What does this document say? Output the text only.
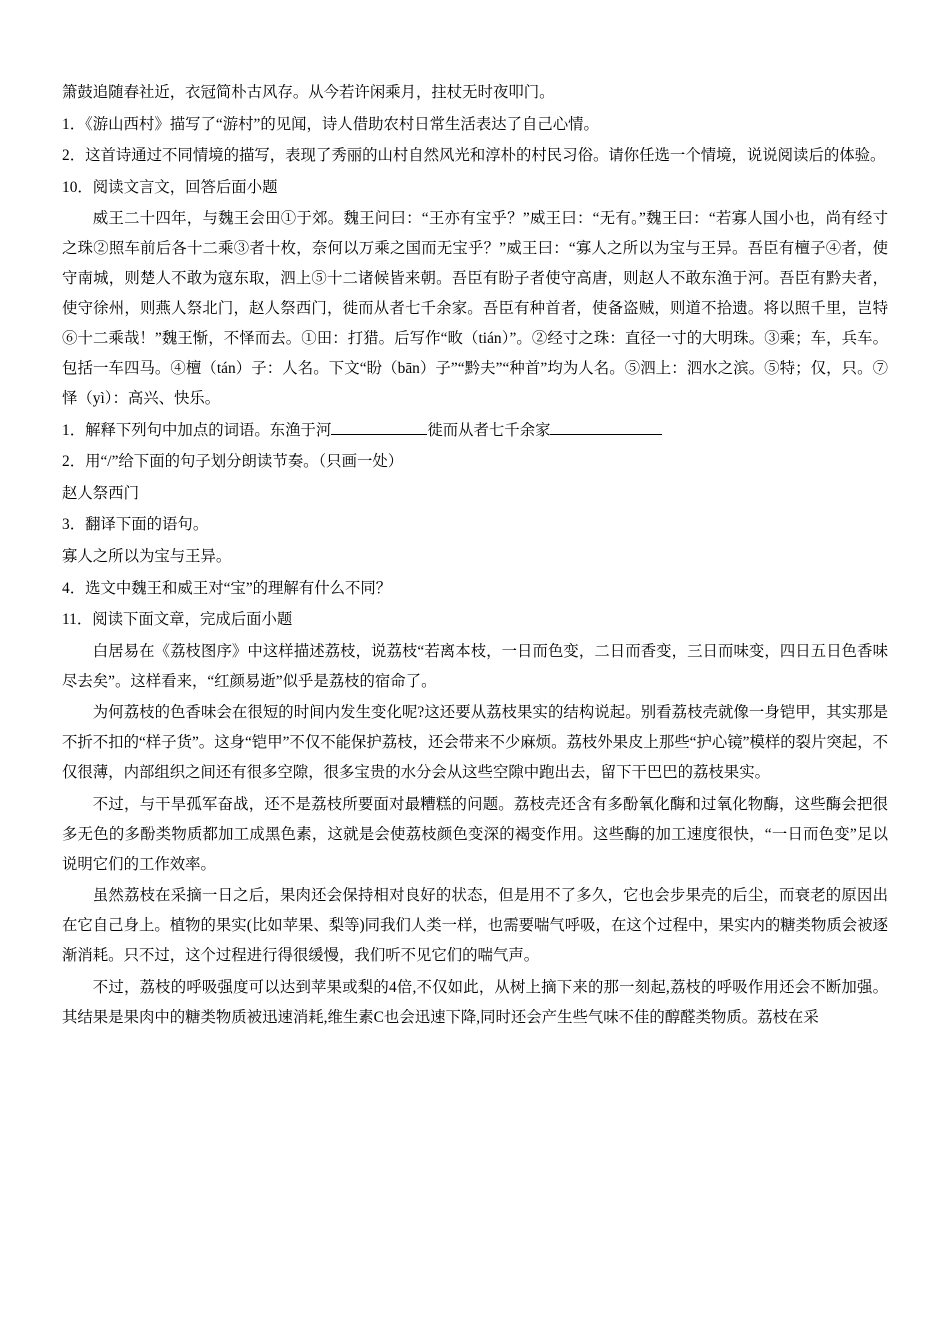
箫鼓追随春社近，衣冠简朴古风存。从今若许闲乘月，拄杖无时夜叩门。

1．《游山西村》描写了“游村”的见闻，诗人借助农村日常生活表达了自己心情。

2．这首诗通过不同情境的描写，表现了秀丽的山村自然风光和淳朴的村民习俗。请你任选一个情境，说说阅读后的体验。

10．阅读文言文，回答后面小题

威王二十四年，与魏王会田①于郊。魏王问曰：“王亦有宝乎？”威王曰：“无有。”魏王曰：“若寡人国小也，尚有经寸之珠②照车前后各十二乘③者十枚，奈何以万乘之国而无宝乎？”威王曰：“寡人之所以为宝与王异。吾臣有檀子④者，使守南城，则楚人不敢为寇东取，泗上⑤十二诸候皆来朝。吾臣有盼子者使守高唐，则赵人不敢东渔于河。吾臣有黔夫者，使守徐州，则燕人祭北门，赵人祭西门，徙而从者七千余家。吾臣有种首者，使备盗贼，则道不拾遗。将以照千里，岂特⑥十二乘哉！”魏王惭，不怿而去。①田：打猎。后写作“畋（tián）”。②经寸之珠：直径一寸的大明珠。③乘；车，兵车。包括一车四马。④檀（tán）子：人名。下文“盼（bān）子”“黔夫”“种首”均为人名。⑤泗上：泗水之滨。⑤特；仅，只。⑦怿（yì）：高兴、快乐。

1．解释下列句中加点的词语。东渔于河	徙而从者七千余家

2．用“/”给下面的句子划分朗读节奏。（只画一处）

赵人祭西门

3．翻译下面的语句。

寡人之所以为宝与王异。

4．选文中魏王和威王对“宝”的理解有什么不同？

11．阅读下面文章，完成后面小题

白居易在《荔枝图序》中这样描述荔枝，说荔枝“若离本枝，一日而色变，二日而香变，三日而味变，四日五日色香味尽去矣”。这样看来，“红颜易逝”似乎是荔枝的宿命了。

为何荔枝的色香味会在很短的时间内发生变化呢?这还要从荔枝果实的结构说起。别看荔枝壳就像一身铠甲，其实那是不折不扣的“样子货”。这身“铠甲”不仅不能保护荔枝，还会带来不少麻烦。荔枝外果皮上那些“护心镜”模样的裂片突起，不仅很薄，内部组织之间还有很多空隙，很多宝贵的水分会从这些空隙中跑出去，留下干巴巴的荔枝果实。

不过，与干旱孤军奋战，还不是荔枝所要面对最糟糕的问题。荔枝壳还含有多酚氧化酶和过氧化物酶，这些酶会把很多无色的多酚类物质都加工成黑色素，这就是会使荔枝颜色变深的褐变作用。这些酶的加工速度很快，“一日而色变”足以说明它们的工作效率。

虽然荔枝在采摘一日之后，果肉还会保持相对良好的状态，但是用不了多久，它也会步果壳的后尘，而衰老的原因出在它自己身上。植物的果实(比如苹果、梨等)同我们人类一样，也需要喘气呼吸，在这个过程中，果实内的糖类物质会被逐渐消耗。只不过，这个过程进行得很缓慢，我们听不见它们的喘气声。

不过，荔枝的呼吸强度可以达到苹果或梨的4倍,不仅如此，从树上摘下来的那一刻起,荔枝的呼吸作用还会不断加强。其结果是果肉中的糖类物质被迅速消耗,维生素C也会迅速下降,同时还会产生些气味不佳的醇醛类物质。荔枝在采
